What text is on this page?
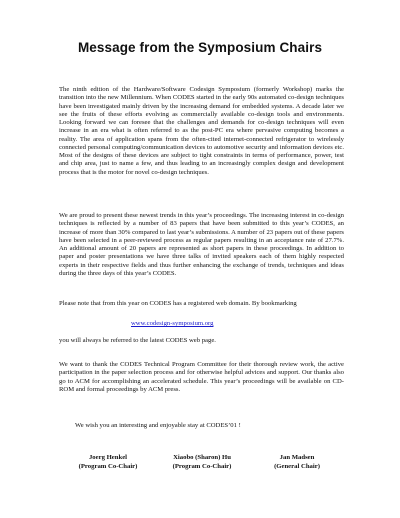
Message from the Symposium Chairs

The ninth edition of the Hardware/Software Codesign Symposium (formerly Workshop) marks the transition into the new Millennium. When CODES started in the early 90s automated co-design techniques have been investigated mainly driven by the increasing demand for embedded systems. A decade later we see the fruits of these efforts evolving as commercially available co-design tools and environments. Looking forward we can foresee that the challenges and demands for co-design techniques will even increase in an era what is often referred to as the post-PC era where pervasive computing becomes a reality. The area of application spans from the often-cited internet-connected refrigerator to wirelessly connected personal computing/communication devices to automotive security and information devices etc. Most of the designs of these devices are subject to tight constraints in terms of performance, power, test and chip area, just to name a few, and thus leading to an increasingly complex design and development process that is the motor for novel co-design techniques.

We are proud to present these newest trends in this year’s proceedings. The increasing interest in co-design techniques is reflected by a number of 83 papers that have been submitted to this year’s CODES, an increase of more than 30% compared to last year’s submissions. A number of 23 papers out of these papers have been selected in a peer-reviewed process as regular papers resulting in an acceptance rate of 27.7%. An additional amount of 20 papers are represented as short papers in these proceedings. In addition to paper and poster presentations we have three talks of invited speakers each of them highly respected experts in their respective fields and thus further enhancing the exchange of trends, techniques and ideas during the three days of this year’s CODES.

Please note that from this year on CODES has a registered web domain. By bookmarking

www.codesign-symposium.org

you will always be referred to the latest CODES web page.

We want to thank the CODES Technical Program Committee for their thorough review work, the active participation in the paper selection process and for otherwise helpful advices and support. Our thanks also go to ACM for accomplishing an accelerated schedule. This year’s proceedings will be available on CD-ROM and formal proceedings by ACM press.

We wish you an interesting and enjoyable stay at CODES’01 !

Joerg Henkel
(Program Co-Chair)
Xiaobo (Sharon) Hu
(Program Co-Chair)
Jan Madsen
(General Chair)
